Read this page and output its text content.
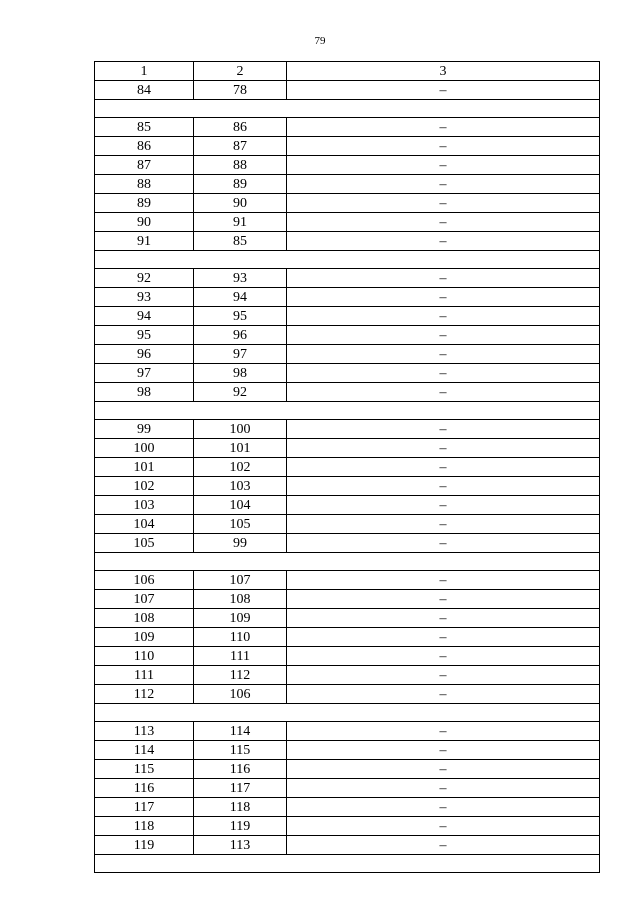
79
1	2	3
84	78	–

85	86	–
86	87	–
87	88	–
88	89	–
89	90	–
90	91	–
91	85	–

92	93	–
93	94	–
94	95	–
95	96	–
96	97	–
97	98	–
98	92	–

99	100	–
100	101	–
101	102	–
102	103	–
103	104	–
104	105	–
105	99	–

106	107	–
107	108	–
108	109	–
109	110	–
110	111	–
111	112	–
112	106	–

113	114	–
114	115	–
115	116	–
116	117	–
117	118	–
118	119	–
119	113	–
